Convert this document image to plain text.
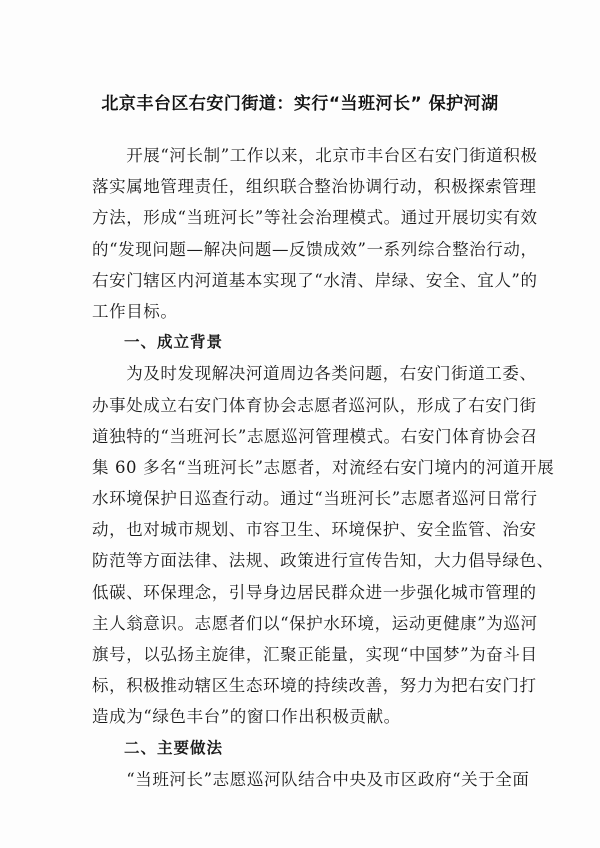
北京丰台区右安门街道：实行“当班河长” 保护河湖
　　开展“河长制”工作以来，北京市丰台区右安门街道积极
落实属地管理责任，组织联合整治协调行动，积极探索管理
方法，形成“当班河长”等社会治理模式。通过开展切实有效
的“发现问题—解决问题—反馈成效”一系列综合整治行动，
右安门辖区内河道基本实现了“水清、岸绿、安全、宜人”的
工作目标。
一、成立背景
　　为及时发现解决河道周边各类问题，右安门街道工委、
办事处成立右安门体育协会志愿者巡河队，形成了右安门街
道独特的“当班河长”志愿巡河管理模式。右安门体育协会召
集 60 多名“当班河长”志愿者，对流经右安门境内的河道开展
水环境保护日巡查行动。通过“当班河长”志愿者巡河日常行
动，也对城市规划、市容卫生、环境保护、安全监管、治安
防范等方面法律、法规、政策进行宣传告知，大力倡导绿色、
低碳、环保理念，引导身边居民群众进一步强化城市管理的
主人翁意识。志愿者们以“保护水环境，运动更健康”为巡河
旗号，以弘扬主旋律，汇聚正能量，实现“中国梦”为奋斗目
标，积极推动辖区生态环境的持续改善，努力为把右安门打
造成为“绿色丰台”的窗口作出积极贡献。
二、主要做法
　　“当班河长”志愿巡河队结合中央及市区政府“关于全面
